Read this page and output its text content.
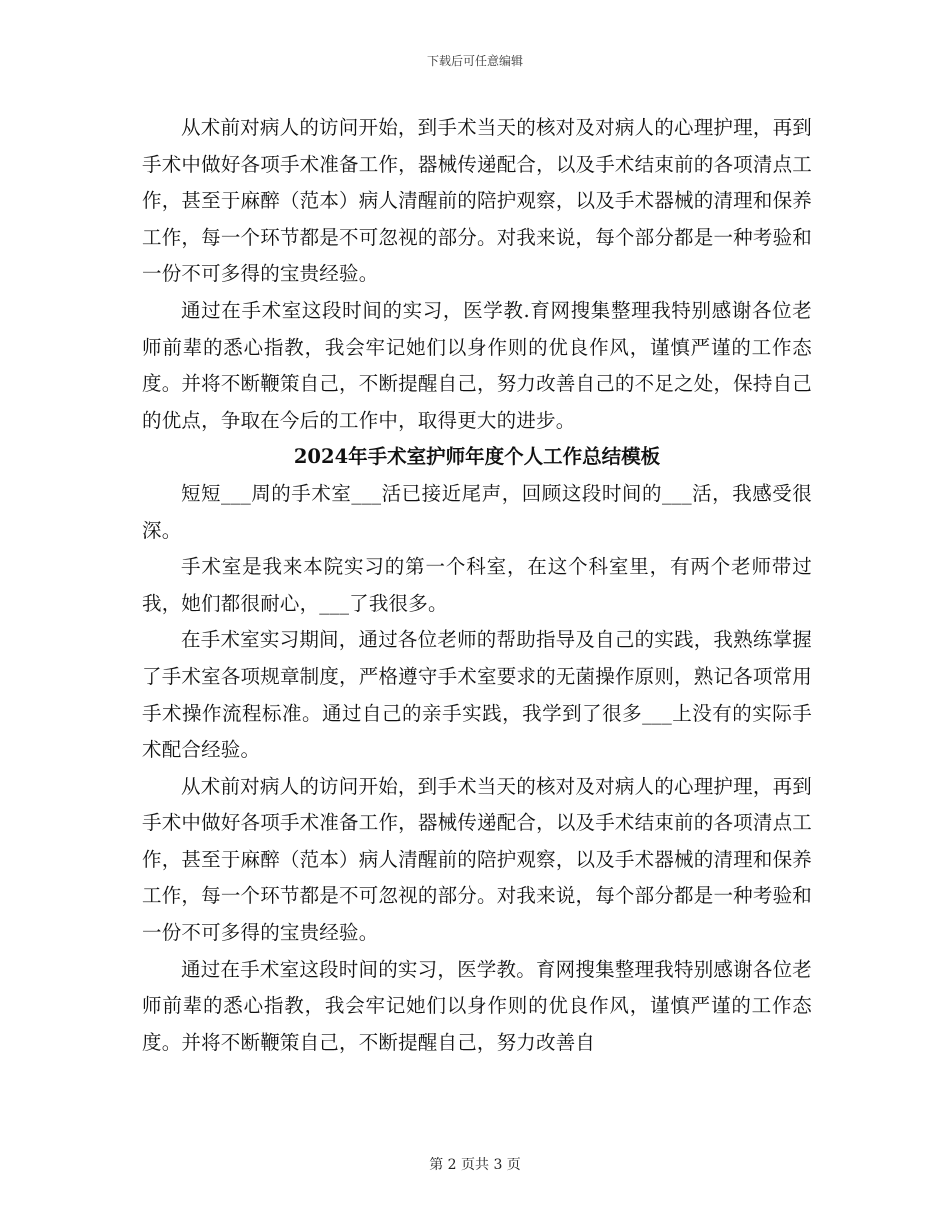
下载后可任意编辑

从术前对病人的访问开始，到手术当天的核对及对病人的心理护理，再到手术中做好各项手术准备工作，器械传递配合，以及手术结束前的各项清点工作，甚至于麻醉（范本）病人清醒前的陪护观察，以及手术器械的清理和保养工作，每一个环节都是不可忽视的部分。对我来说，每个部分都是一种考验和一份不可多得的宝贵经验。

通过在手术室这段时间的实习，医学教.育网搜集整理我特别感谢各位老师前辈的悉心指教，我会牢记她们以身作则的优良作风，谨慎严谨的工作态度。并将不断鞭策自己，不断提醒自己，努力改善自己的不足之处，保持自己的优点，争取在今后的工作中，取得更大的进步。

2024年手术室护师年度个人工作总结模板

短短___周的手术室___活已接近尾声，回顾这段时间的___活，我感受很深。

手术室是我来本院实习的第一个科室，在这个科室里，有两个老师带过我，她们都很耐心，___了我很多。

在手术室实习期间，通过各位老师的帮助指导及自己的实践，我熟练掌握了手术室各项规章制度，严格遵守手术室要求的无菌操作原则，熟记各项常用手术操作流程标准。通过自己的亲手实践，我学到了很多___上没有的实际手术配合经验。

从术前对病人的访问开始，到手术当天的核对及对病人的心理护理，再到手术中做好各项手术准备工作，器械传递配合，以及手术结束前的各项清点工作，甚至于麻醉（范本）病人清醒前的陪护观察，以及手术器械的清理和保养工作，每一个环节都是不可忽视的部分。对我来说，每个部分都是一种考验和一份不可多得的宝贵经验。

通过在手术室这段时间的实习，医学教。育网搜集整理我特别感谢各位老师前辈的悉心指教，我会牢记她们以身作则的优良作风，谨慎严谨的工作态度。并将不断鞭策自己，不断提醒自己，努力改善自

第 2 页共 3 页
